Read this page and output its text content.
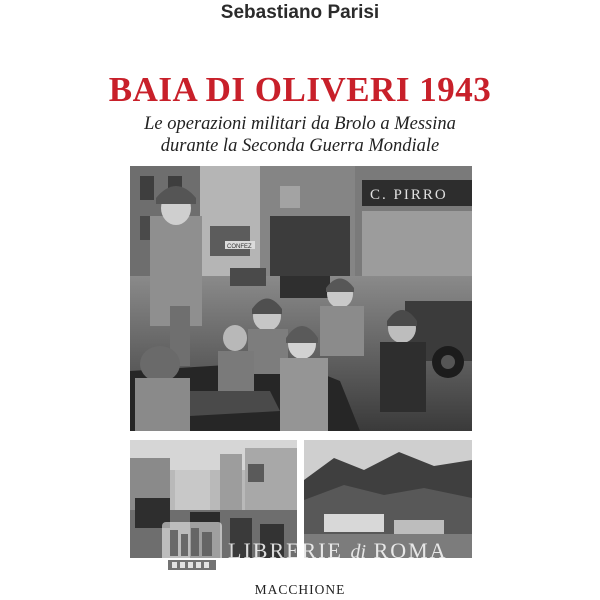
Sebastiano Parisi
BAIA DI OLIVERI 1943
Le operazioni militari da Brolo a Messina
durante la Seconda Guerra Mondiale
C. PIRRO
CONFEZ
LIBRERIE di ROMA
MACCHIONE
